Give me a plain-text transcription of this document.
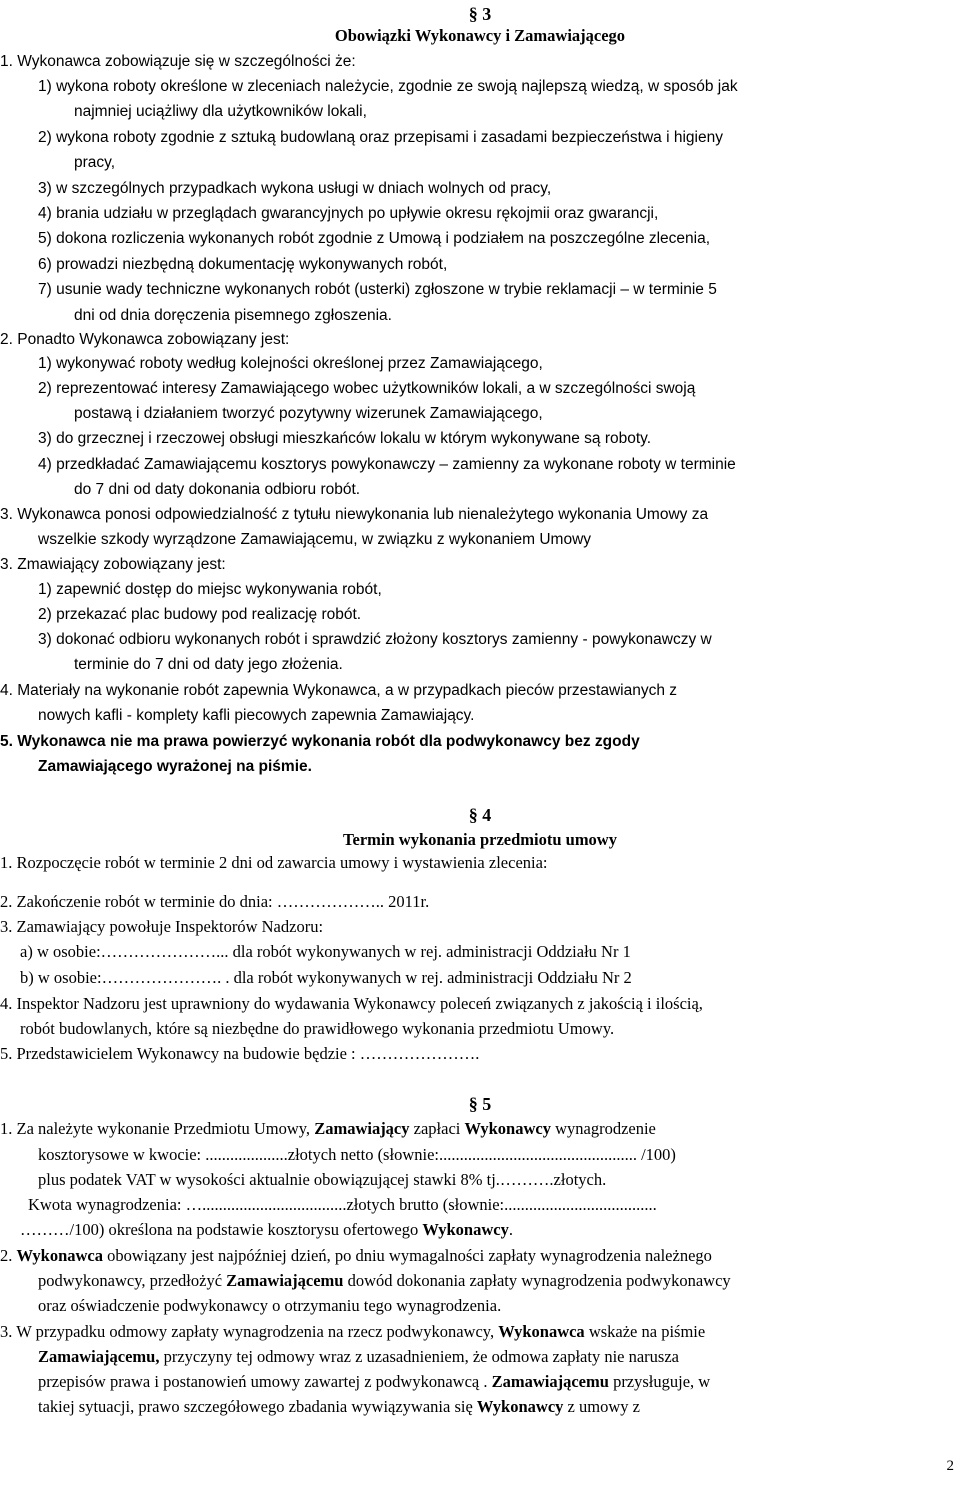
§ 3
Obowiązki Wykonawcy i Zamawiającego
1. Wykonawca zobowiązuje się w szczególności że:
1) wykona roboty określone w zleceniach należycie, zgodnie ze swoją najlepszą wiedzą, w sposób jak
najmniej uciążliwy dla użytkowników lokali,
2) wykona roboty zgodnie z sztuką budowlaną oraz przepisami i zasadami bezpieczeństwa i higieny
pracy,
3) w szczególnych przypadkach wykona usługi w dniach wolnych od pracy,
4) brania udziału w przeglądach gwarancyjnych po upływie okresu rękojmii oraz gwarancji,
5) dokona rozliczenia wykonanych robót zgodnie z Umową i podziałem na poszczególne zlecenia,
6) prowadzi niezbędną dokumentację wykonywanych robót,
7) usunie wady techniczne wykonanych robót (usterki) zgłoszone w trybie reklamacji – w terminie 5
dni od dnia doręczenia pisemnego zgłoszenia.
2. Ponadto Wykonawca zobowiązany jest:
1) wykonywać roboty według kolejności określonej przez Zamawiającego,
2) reprezentować interesy Zamawiającego wobec użytkowników lokali, a w szczególności swoją
postawą i działaniem tworzyć pozytywny wizerunek Zamawiającego,
3) do grzecznej i rzeczowej obsługi mieszkańców lokalu w którym wykonywane są roboty.
4) przedkładać Zamawiającemu kosztorys powykonawczy – zamienny za wykonane roboty w terminie
do 7 dni od daty dokonania odbioru robót.
3. Wykonawca ponosi odpowiedzialność z tytułu niewykonania lub nienależytego wykonania Umowy za
wszelkie szkody wyrządzone Zamawiającemu, w związku z wykonaniem Umowy
3. Zmawiający zobowiązany jest:
1) zapewnić dostęp do miejsc wykonywania robót,
2) przekazać plac budowy pod realizację robót.
3) dokonać odbioru wykonanych robót i sprawdzić złożony kosztorys zamienny - powykonawczy w
terminie do 7 dni od daty jego złożenia.
4. Materiały na wykonanie robót zapewnia Wykonawca, a w przypadkach pieców przestawianych z
nowych kafli - komplety kafli piecowych zapewnia Zamawiający.
5. Wykonawca nie ma prawa powierzyć wykonania robót dla podwykonawcy bez zgody
Zamawiającego wyrażonej na piśmie.
§ 4
Termin wykonania przedmiotu umowy
1. Rozpoczęcie robót w terminie 2 dni od zawarcia umowy i wystawienia zlecenia:
2. Zakończenie robót w terminie do dnia: ……………….. 2011r.
3. Zamawiający powołuje Inspektorów Nadzoru:
a) w osobie:…………………... dla robót wykonywanych w rej. administracji Oddziału Nr 1
b) w osobie:…………………. . dla robót wykonywanych w rej. administracji Oddziału Nr 2
4. Inspektor Nadzoru jest uprawniony do wydawania Wykonawcy poleceń związanych z jakością i ilością,
robót budowlanych, które są niezbędne do prawidłowego wykonania przedmiotu Umowy.
5. Przedstawicielem Wykonawcy na budowie będzie : ………………….
§ 5
1. Za należyte wykonanie Przedmiotu Umowy, Zamawiający zapłaci Wykonawcy wynagrodzenie
kosztorysowe w kwocie: ....................złotych netto (słownie:................................................ /100)
plus podatek VAT w wysokości aktualnie obowiązującej stawki 8% tj.……….złotych.
Kwota wynagrodzenia: …...................................złotych brutto (słownie:.....................................
………/100) określona na podstawie kosztorysu ofertowego Wykonawcy.
2. Wykonawca obowiązany jest najpóźniej dzień, po dniu wymagalności zapłaty wynagrodzenia należnego
podwykonawcy, przedłożyć Zamawiającemu dowód dokonania zapłaty wynagrodzenia podwykonawcy
oraz oświadczenie podwykonawcy o otrzymaniu tego wynagrodzenia.
3. W przypadku odmowy zapłaty wynagrodzenia na rzecz podwykonawcy, Wykonawca wskaże na piśmie
Zamawiającemu, przyczyny tej odmowy wraz z uzasadnieniem, że odmowa zapłaty nie narusza
przepisów prawa i postanowień umowy zawartej z podwykonawcą . Zamawiającemu przysługuje, w
takiej sytuacji, prawo szczegółowego zbadania wywiązywania się Wykonawcy z umowy z
2
